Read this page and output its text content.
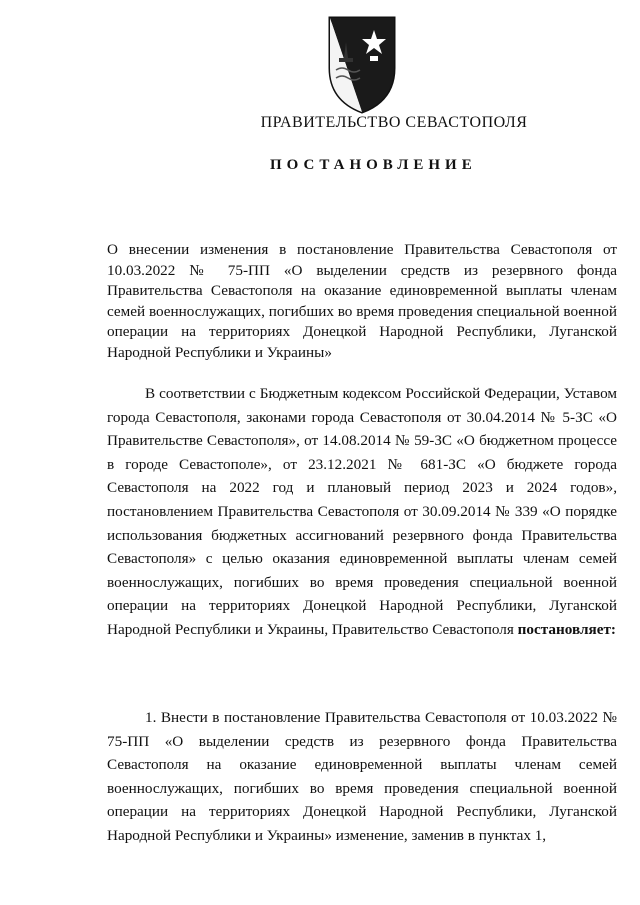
ПРАВИТЕЛЬСТВО СЕВАСТОПОЛЯ
ПОСТАНОВЛЕНИЕ
О внесении изменения в постановление Правительства Севастополя от 10.03.2022 № 75-ПП «О выделении средств из резервного фонда Правительства Севастополя на оказание единовременной выплаты членам семей военнослужащих, погибших во время проведения специальной военной операции на территориях Донецкой Народной Республики, Луганской Народной Республики и Украины»

В соответствии с Бюджетным кодексом Российской Федерации, Уставом города Севастополя, законами города Севастополя от 30.04.2014 № 5-ЗС «О Правительстве Севастополя», от 14.08.2014 № 59-ЗС «О бюджетном процессе в городе Севастополе», от 23.12.2021 № 681-ЗС «О бюджете города Севастополя на 2022 год и плановый период 2023 и 2024 годов», постановлением Правительства Севастополя от 30.09.2014 № 339 «О порядке использования бюджетных ассигнований резервного фонда Правительства Севастополя» с целью оказания единовременной выплаты членам семей военнослужащих, погибших во время проведения специальной военной операции на территориях Донецкой Народной Республики, Луганской Народной Республики и Украины, Правительство Севастополя постановляет:

1. Внести в постановление Правительства Севастополя от 10.03.2022 № 75-ПП «О выделении средств из резервного фонда Правительства Севастополя на оказание единовременной выплаты членам семей военнослужащих, погибших во время проведения специальной военной операции на территориях Донецкой Народной Республики, Луганской Народной Республики и Украины» изменение, заменив в пунктах 1,
